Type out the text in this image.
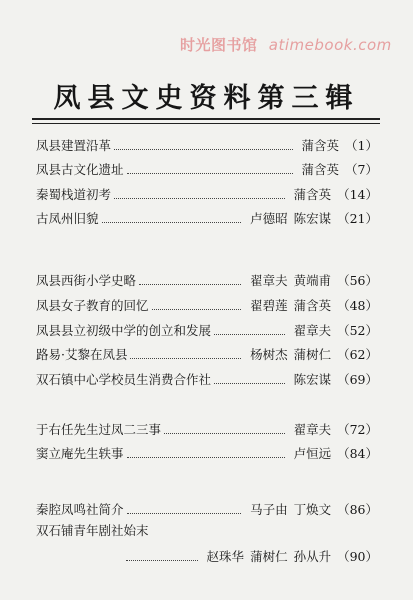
时光图书馆 atimebook.com
凤县文史资料第三辑
凤县建置沿革	蒲含英 （1）
凤县古文化遗址	蒲含英 （7）
秦蜀栈道初考	蒲含英 （14）
古凤州旧貌	卢德昭 陈宏谋 （21）
凤县西街小学史略	翟章夫 黄端甫 （56）
凤县女子教育的回忆	翟碧莲 蒲含英 （48）
凤县县立初级中学的创立和发展	翟章夫 （52）
路易·艾黎在凤县	杨树杰 蒲树仁 （62）
双石镇中心学校员生消费合作社	陈宏谋 （69）
于右任先生过凤二三事	翟章夫 （72）
窦立庵先生轶事	卢恒远 （84）
秦腔凤鸣社简介	马子由 丁焕文 （86）
双石铺青年剧社始末
赵珠华 蒲树仁 孙从升 （90）
